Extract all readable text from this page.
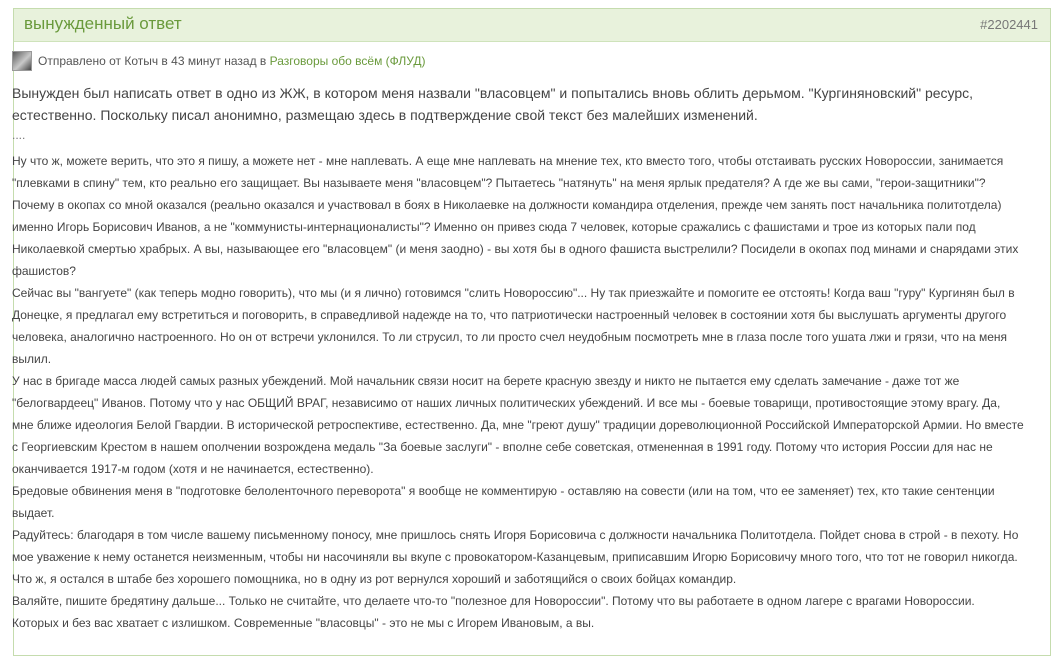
вынужденный ответ	#2202441
Отправлено от Котыч в 43 минут назад в Разговоры обо всём (ФЛУД)
Вынужден был написать ответ в одно из ЖЖ, в котором меня назвали "власовцем" и попытались вновь облить дерьмом. "Кургиняновский" ресурс, естественно. Поскольку писал анонимно, размещаю здесь в подтверждение свой текст без малейших изменений.
....

Ну что ж, можете верить, что это я пишу, а можете нет - мне наплевать. А еще мне наплевать на мнение тех, кто вместо того, чтобы отстаивать русских Новороссии, занимается "плевками в спину" тем, кто реально его защищает. Вы называете меня "власовцем"? Пытаетесь "натянуть" на меня ярлык предателя? А где же вы сами, "герои-защитники"? Почему в окопах со мной оказался (реально оказался и участвовал в боях в Николаевке на должности командира отделения, прежде чем занять пост начальника политотдела) именно Игорь Борисович Иванов, а не "коммунисты-интернационалисты"? Именно он привез сюда 7 человек, которые сражались с фашистами и трое из которых пали под Николаевкой смертью храбрых. А вы, называющее его "власовцем" (и меня заодно) - вы хотя бы в одного фашиста выстрелили? Посидели в окопах под минами и снарядами этих фашистов?

Сейчас вы "вангуете" (как теперь модно говорить), что мы (и я лично) готовимся "слить Новороссию"... Ну так приезжайте и помогите ее отстоять! Когда ваш "гуру" Кургинян был в Донецке, я предлагал ему встретиться и поговорить, в справедливой надежде на то, что патриотически настроенный человек в состоянии хотя бы выслушать аргументы другого человека, аналогично настроенного. Но он от встречи уклонился. То ли струсил, то ли просто счел неудобным посмотреть мне в глаза после того ушата лжи и грязи, что на меня вылил.

У нас в бригаде масса людей самых разных убеждений. Мой начальник связи носит на берете красную звезду и никто не пытается ему сделать замечание - даже тот же "белогвардеец" Иванов. Потому что у нас ОБЩИЙ ВРАГ, независимо от наших личных политических убеждений. И все мы - боевые товарищи, противостоящие этому врагу. Да, мне ближе идеология Белой Гвардии. В исторической ретроспективе, естественно. Да, мне "греют душу" традиции дореволюционной Российской Императорской Армии. Но вместе с Георгиевским Крестом в нашем ополчении возрождена медаль "За боевые заслуги" - вполне себе советская, отмененная в 1991 году. Потому что история России для нас не оканчивается 1917-м годом (хотя и не начинается, естественно).

Бредовые обвинения меня в "подготовке белоленточного переворота" я вообще не комментирую - оставляю на совести (или на том, что ее заменяет) тех, кто такие сентенции выдает.

Радуйтесь: благодаря в том числе вашему письменному поносу, мне пришлось снять Игоря Борисовича с должности начальника Политотдела. Пойдет снова в строй - в пехоту. Но мое уважение к нему останется неизменным, чтобы ни насочиняли вы вкупе с провокатором-Казанцевым, приписавшим Игорю Борисовичу много того, что тот не говорил никогда. Что ж, я остался в штабе без хорошего помощника, но в одну из рот вернулся хороший и заботящийся о своих бойцах командир.

Валяйте, пишите бредятину дальше... Только не считайте, что делаете что-то "полезное для Новороссии". Потому что вы работаете в одном лагере с врагами Новороссии. Которых и без вас хватает с излишком. Современные "власовцы" - это не мы с Игорем Ивановым, а вы.
